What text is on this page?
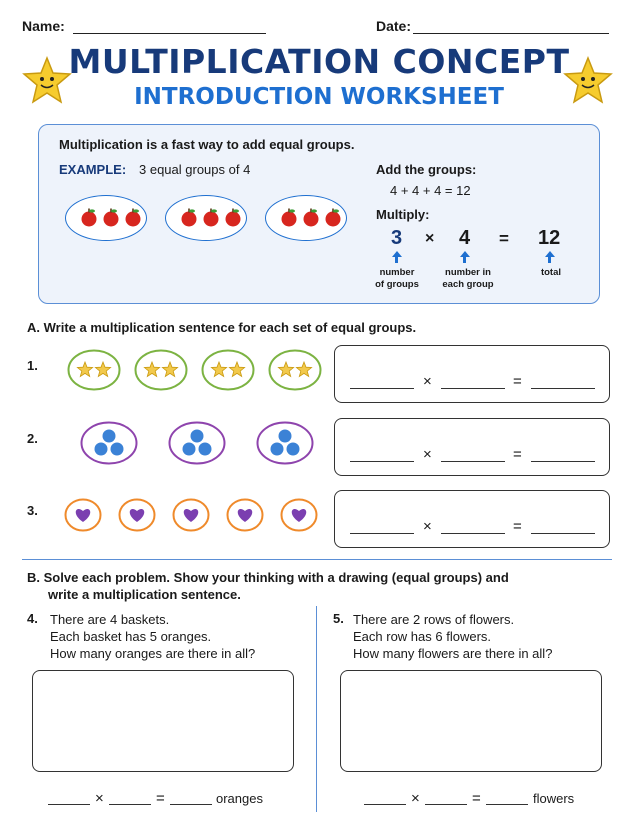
Name:	Date:
MULTIPLICATION CONCEPT
INTRODUCTION WORKSHEET
Multiplication is a fast way to add equal groups.
EXAMPLE: 3 equal groups of 4	Add the groups:
4 + 4 + 4 = 12
Multiply:
3 × 4 = 12
number
of groups
number in
each group
total
A. Write a multiplication sentence for each set of equal groups.
1.
2.
3.
×	=
×	=
×	=
B. Solve each problem. Show your thinking with a drawing (equal groups) and
write a multiplication sentence.
4. There are 4 baskets.
Each basket has 5 oranges.
How many oranges are there in all?
5. There are 2 rows of flowers.
Each row has 6 flowers.
How many flowers are there in all?
×	=	oranges	×	=	flowers
